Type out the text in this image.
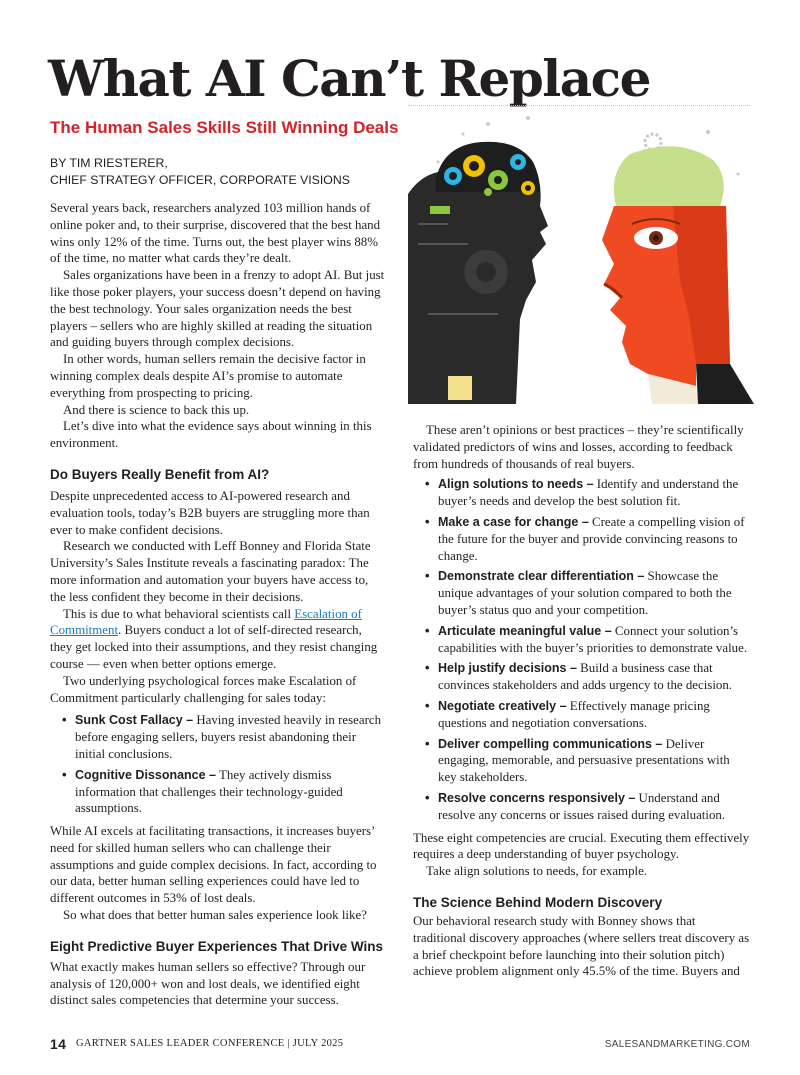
What AI Can’t Replace
The Human Sales Skills Still Winning Deals
BY TIM RIESTERER,
CHIEF STRATEGY OFFICER, CORPORATE VISIONS

Several years back, researchers analyzed 103 million hands of online poker and, to their surprise, discovered that the best hand wins only 12% of the time. Turns out, the best player wins 88% of the time, no matter what cards they’re dealt.

Sales organizations have been in a frenzy to adopt AI. But just like those poker players, your success doesn’t depend on having the best technology. Your sales organization needs the best players – sellers who are highly skilled at reading the situation and guiding buyers through complex decisions.

In other words, human sellers remain the decisive factor in winning complex deals despite AI’s promise to automate everything from prospecting to pricing.

And there is science to back this up.

Let’s dive into what the evidence says about winning in this environment.

Do Buyers Really Benefit from AI?

Despite unprecedented access to AI-powered research and evaluation tools, today’s B2B buyers are struggling more than ever to make confident decisions.

Research we conducted with Leff Bonney and Florida State University’s Sales Institute reveals a fascinating paradox: The more information and automation your buyers have access to, the less confident they become in their decisions.

This is due to what behavioral scientists call Escalation of Commitment. Buyers conduct a lot of self-directed research, they get locked into their assumptions, and they resist changing course — even when better options emerge.

Two underlying psychological forces make Escalation of Commitment particularly challenging for sales today:

• Sunk Cost Fallacy – Having invested heavily in research before engaging sellers, buyers resist abandoning their initial conclusions.
• Cognitive Dissonance – They actively dismiss information that challenges their technology-guided assumptions.

While AI excels at facilitating transactions, it increases buyers’ need for skilled human sellers who can challenge their assumptions and guide complex decisions. In fact, according to our data, better human selling experiences could have led to different outcomes in 53% of lost deals.

So what does that better human sales experience look like?

Eight Predictive Buyer Experiences That Drive Wins

What exactly makes human sellers so effective? Through our analysis of 120,000+ won and lost deals, we identified eight distinct sales competencies that determine your success.

These aren’t opinions or best practices – they’re scientifically validated predictors of wins and losses, according to feedback from hundreds of thousands of real buyers.

• Align solutions to needs – Identify and understand the buyer’s needs and develop the best solution fit.
• Make a case for change – Create a compelling vision of the future for the buyer and provide convincing reasons to change.
• Demonstrate clear differentiation – Showcase the unique advantages of your solution compared to both the buyer’s status quo and your competition.
• Articulate meaningful value – Connect your solution’s capabilities with the buyer’s priorities to demonstrate value.
• Help justify decisions – Build a business case that convinces stakeholders and adds urgency to the decision.
• Negotiate creatively – Effectively manage pricing questions and negotiation conversations.
• Deliver compelling communications – Deliver engaging, memorable, and persuasive presentations with key stakeholders.
• Resolve concerns responsively – Understand and resolve any concerns or issues raised during evaluation.

These eight competencies are crucial. Executing them effectively requires a deep understanding of buyer psychology.

Take align solutions to needs, for example.

The Science Behind Modern Discovery

Our behavioral research study with Bonney shows that traditional discovery approaches (where sellers treat discovery as a brief checkpoint before launching into their solution pitch) achieve problem alignment only 45.5% of the time. Buyers and

14 GARTNER SALES LEADER CONFERENCE | JULY 2025	SALESANDMARKETING.COM
